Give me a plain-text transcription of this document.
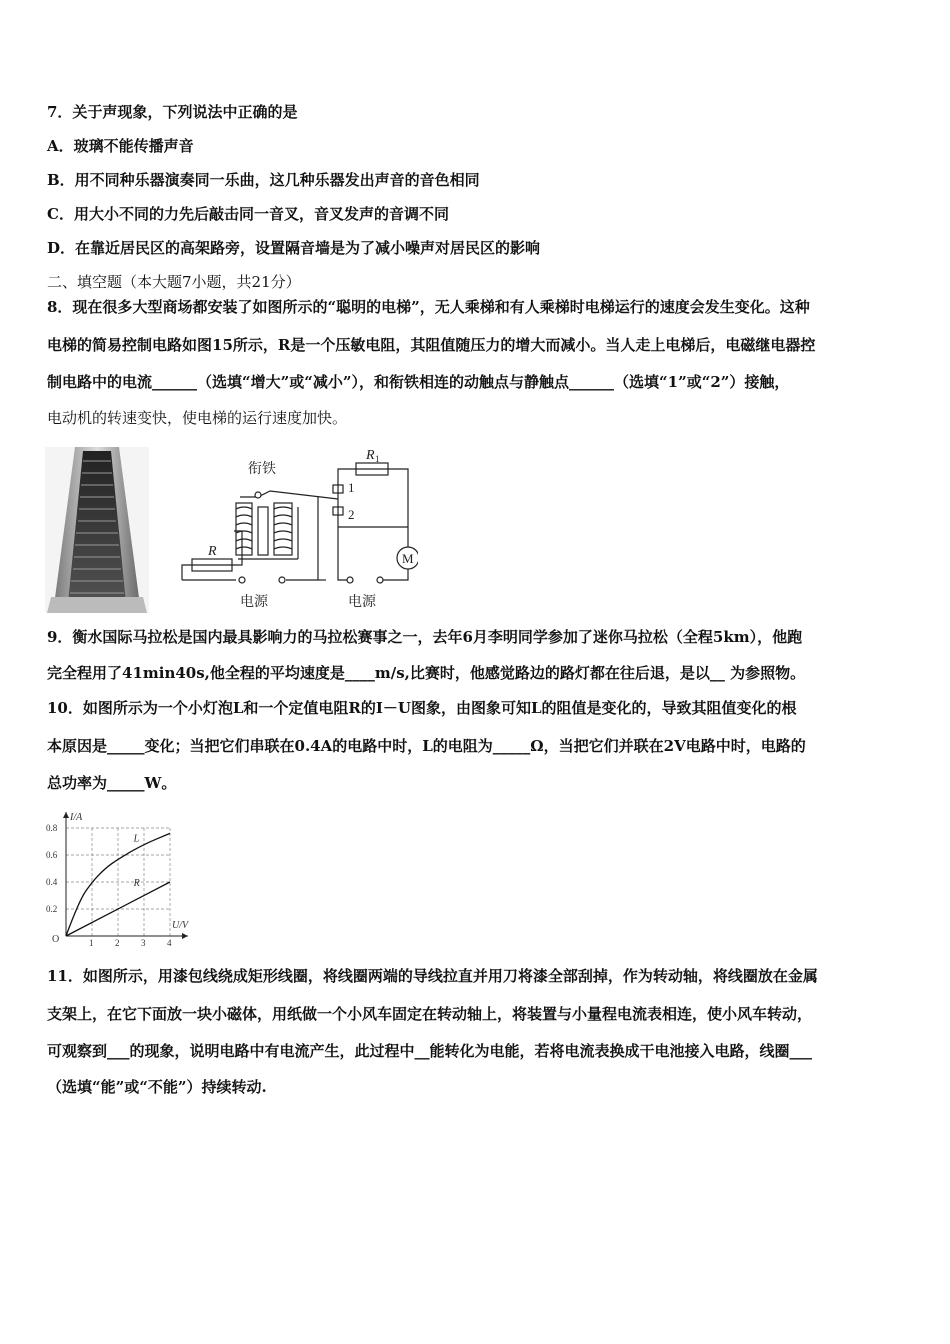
7．关于声现象，下列说法中正确的是
A．玻璃不能传播声音
B．用不同种乐器演奏同一乐曲，这几种乐器发出声音的音色相同
C．用大小不同的力先后敲击同一音叉，音叉发声的音调不同
D．在靠近居民区的高架路旁，设置隔音墙是为了减小噪声对居民区的影响
二、填空题（本大题7小题，共21分）
8．现在很多大型商场都安装了如图所示的“聪明的电梯”，无人乘梯和有人乘梯时电梯运行的速度会发生变化。这种
电梯的简易控制电路如图15所示，R是一个压敏电阻，其阻值随压力的增大而减小。当人走上电梯后，电磁继电器控
制电路中的电流______（选填“增大”或“减小”），和衔铁相连的动触点与静触点______（选填“1”或“2”）接触，
电动机的转速变快，使电梯的运行速度加快。
衔铁
R
R 1
1
2
M
电源	电源
9．衡水国际马拉松是国内最具影响力的马拉松赛事之一，去年6月李明同学参加了迷你马拉松（全程5km），他跑
完全程用了41min40s,他全程的平均速度是____m/s,比赛时，他感觉路边的路灯都在往后退，是以__ 为参照物。
10．如图所示为一个小灯泡L和一个定值电阻R的I－U图象，由图象可知L的阻值是变化的，导致其阻值变化的根
本原因是_____变化；当把它们串联在0.4A的电路中时，L的电阻为_____Ω，当把它们并联在2V电路中时，电路的
总功率为_____W。
1 2 3 4
0.2
0.4
0.6
0.8
O
U/V
I/A
L
R
11．如图所示，用漆包线绕成矩形线圈，将线圈两端的导线拉直并用刀将漆全部刮掉，作为转动轴，将线圈放在金属
支架上，在它下面放一块小磁体，用纸做一个小风车固定在转动轴上，将装置与小量程电流表相连，使小风车转动，
可观察到___的现象，说明电路中有电流产生，此过程中__能转化为电能，若将电流表换成干电池接入电路，线圈___
（选填“能”或“不能”）持续转动.
